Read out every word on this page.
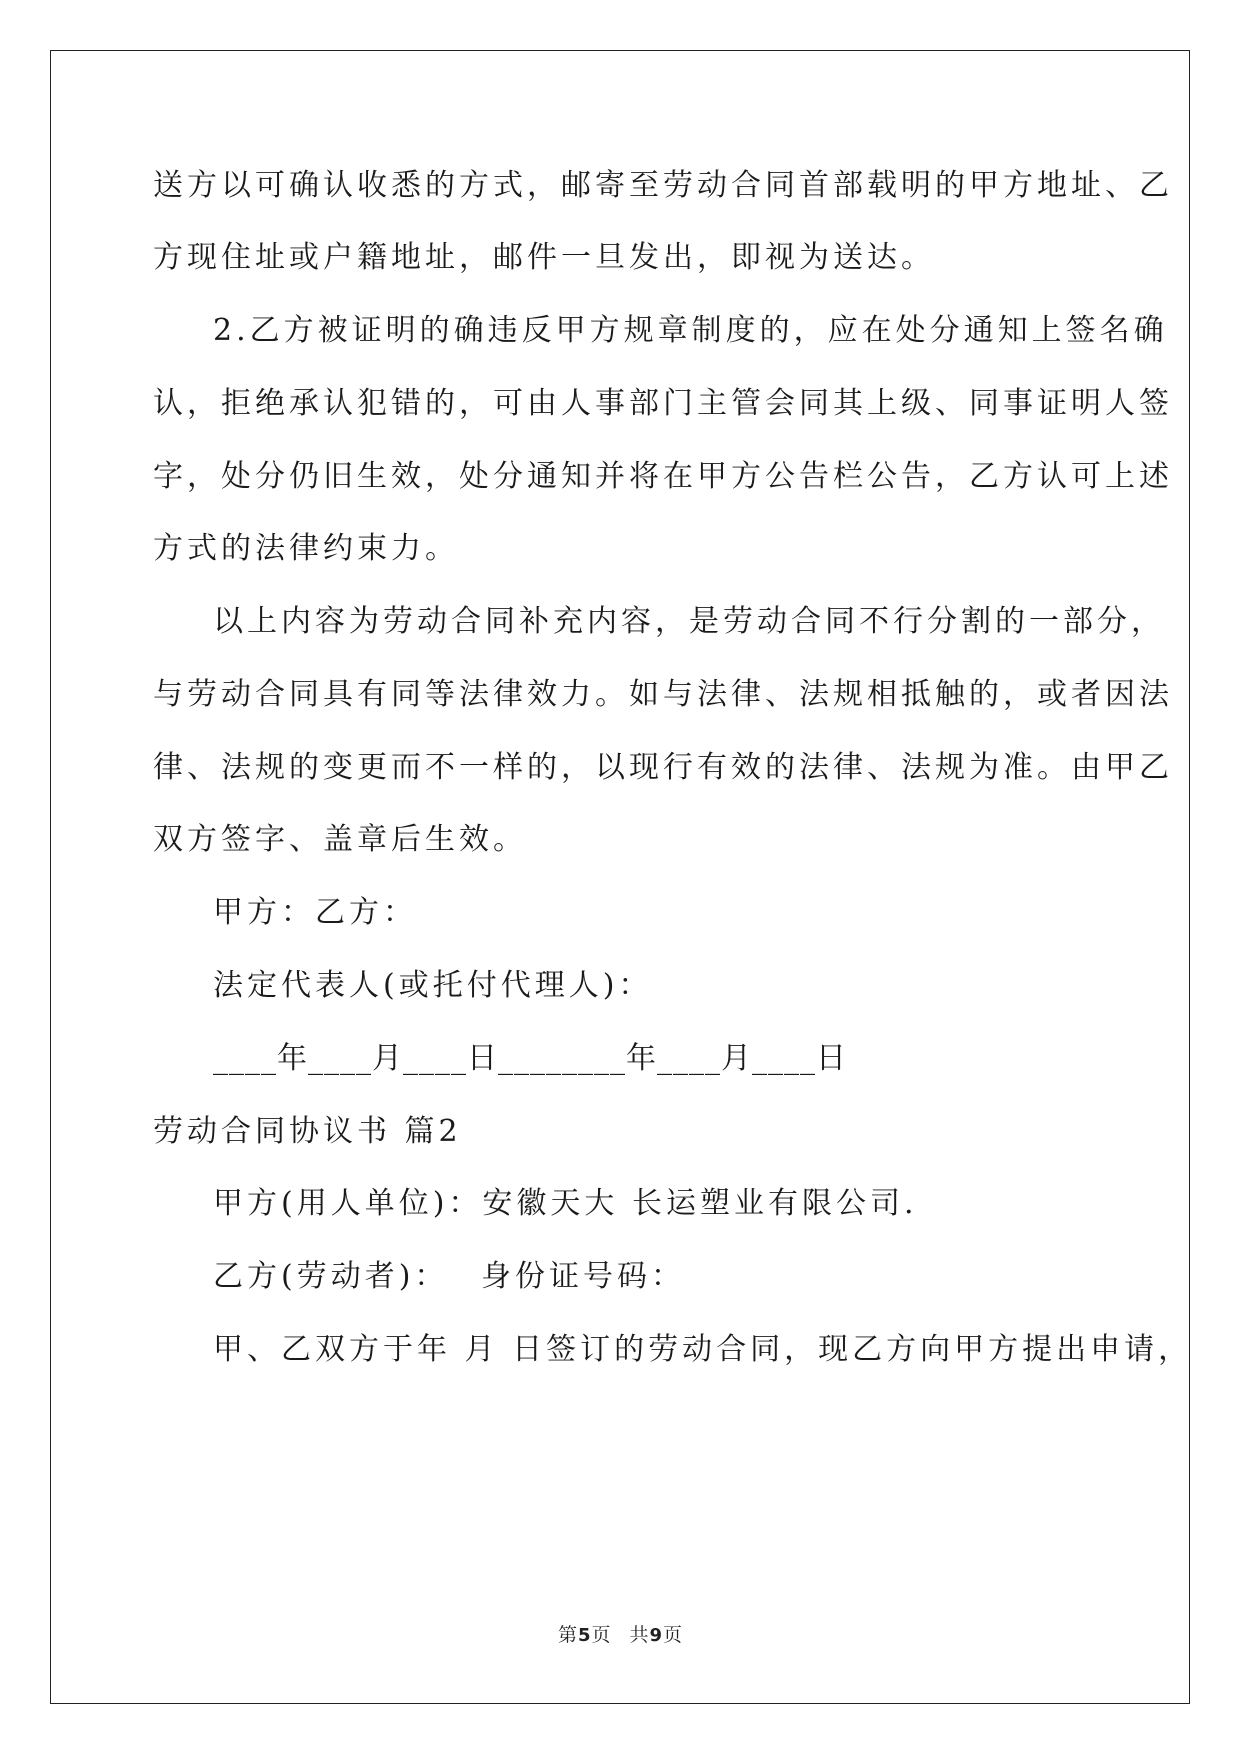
送方以可确认收悉的方式，邮寄至劳动合同首部载明的甲方地址、乙
方现住址或户籍地址，邮件一旦发出，即视为送达。
2.乙方被证明的确违反甲方规章制度的，应在处分通知上签名确
认，拒绝承认犯错的，可由人事部门主管会同其上级、同事证明人签
字，处分仍旧生效，处分通知并将在甲方公告栏公告，乙方认可上述
方式的法律约束力。
以上内容为劳动合同补充内容，是劳动合同不行分割的一部分，
与劳动合同具有同等法律效力。如与法律、法规相抵触的，或者因法
律、法规的变更而不一样的，以现行有效的法律、法规为准。由甲乙
双方签字、盖章后生效。
甲方：乙方：
法定代表人(或托付代理人)：
____年____月____日________年____月____日
劳动合同协议书 篇2
甲方(用人单位)：安徽天大 长运塑业有限公司.
乙方(劳动者)：　 身份证号码：
甲、乙双方于年 月 日签订的劳动合同，现乙方向甲方提出申请，
第5页 共9页
